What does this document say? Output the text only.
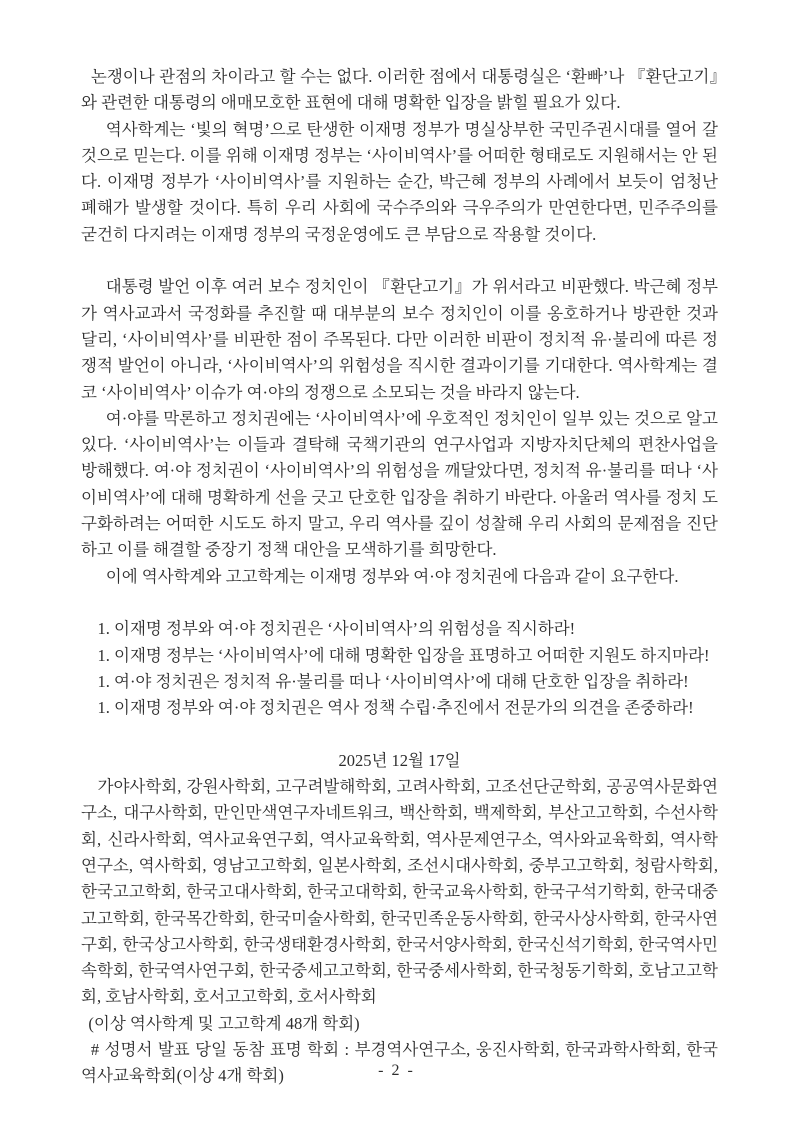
논쟁이나 관점의 차이라고 할 수는 없다. 이러한 점에서 대통령실은 ‘환빠’나 『환단고기』와 관련한 대통령의 애매모호한 표현에 대해 명확한 입장을 밝힐 필요가 있다.

역사학계는 ‘빛의 혁명’으로 탄생한 이재명 정부가 명실상부한 국민주권시대를 열어 갈 것으로 믿는다. 이를 위해 이재명 정부는 ‘사이비역사’를 어떠한 형태로도 지원해서는 안 된다. 이재명 정부가 ‘사이비역사’를 지원하는 순간, 박근혜 정부의 사례에서 보듯이 엄청난 폐해가 발생할 것이다. 특히 우리 사회에 국수주의와 극우주의가 만연한다면, 민주주의를 굳건히 다지려는 이재명 정부의 국정운영에도 큰 부담으로 작용할 것이다.

대통령 발언 이후 여러 보수 정치인이 『환단고기』가 위서라고 비판했다. 박근혜 정부가 역사교과서 국정화를 추진할 때 대부분의 보수 정치인이 이를 옹호하거나 방관한 것과 달리, ‘사이비역사’를 비판한 점이 주목된다. 다만 이러한 비판이 정치적 유·불리에 따른 정쟁적 발언이 아니라, ‘사이비역사’의 위험성을 직시한 결과이기를 기대한다. 역사학계는 결코 ‘사이비역사’ 이슈가 여·야의 정쟁으로 소모되는 것을 바라지 않는다.

여·야를 막론하고 정치권에는 ‘사이비역사’에 우호적인 정치인이 일부 있는 것으로 알고 있다. ‘사이비역사’는 이들과 결탁해 국책기관의 연구사업과 지방자치단체의 편찬사업을 방해했다. 여·야 정치권이 ‘사이비역사’의 위험성을 깨달았다면, 정치적 유·불리를 떠나 ‘사이비역사’에 대해 명확하게 선을 긋고 단호한 입장을 취하기 바란다. 아울러 역사를 정치 도구화하려는 어떠한 시도도 하지 말고, 우리 역사를 깊이 성찰해 우리 사회의 문제점을 진단하고 이를 해결할 중장기 정책 대안을 모색하기를 희망한다.

이에 역사학계와 고고학계는 이재명 정부와 여·야 정치권에 다음과 같이 요구한다.

1. 이재명 정부와 여·야 정치권은 ‘사이비역사’의 위험성을 직시하라!

1. 이재명 정부는 ‘사이비역사’에 대해 명확한 입장을 표명하고 어떠한 지원도 하지마라!

1. 여·야 정치권은 정치적 유·불리를 떠나 ‘사이비역사’에 대해 단호한 입장을 취하라!

1. 이재명 정부와 여·야 정치권은 역사 정책 수립·추진에서 전문가의 의견을 존중하라!

2025년 12월 17일

가야사학회, 강원사학회, 고구려발해학회, 고려사학회, 고조선단군학회, 공공역사문화연구소, 대구사학회, 만인만색연구자네트워크, 백산학회, 백제학회, 부산고고학회, 수선사학회, 신라사학회, 역사교육연구회, 역사교육학회, 역사문제연구소, 역사와교육학회, 역사학연구소, 역사학회, 영남고고학회, 일본사학회, 조선시대사학회, 중부고고학회, 청람사학회, 한국고고학회, 한국고대사학회, 한국고대학회, 한국교육사학회, 한국구석기학회, 한국대중고고학회, 한국목간학회, 한국미술사학회, 한국민족운동사학회, 한국사상사학회, 한국사연구회, 한국상고사학회, 한국생태환경사학회, 한국서양사학회, 한국신석기학회, 한국역사민속학회, 한국역사연구회, 한국중세고고학회, 한국중세사학회, 한국청동기학회, 호남고고학회, 호남사학회, 호서고고학회, 호서사학회

(이상 역사학계 및 고고학계 48개 학회)

# 성명서 발표 당일 동참 표명 학회 : 부경역사연구소, 웅진사학회, 한국과학사학회, 한국역사교육학회(이상 4개 학회)	- 2 -
